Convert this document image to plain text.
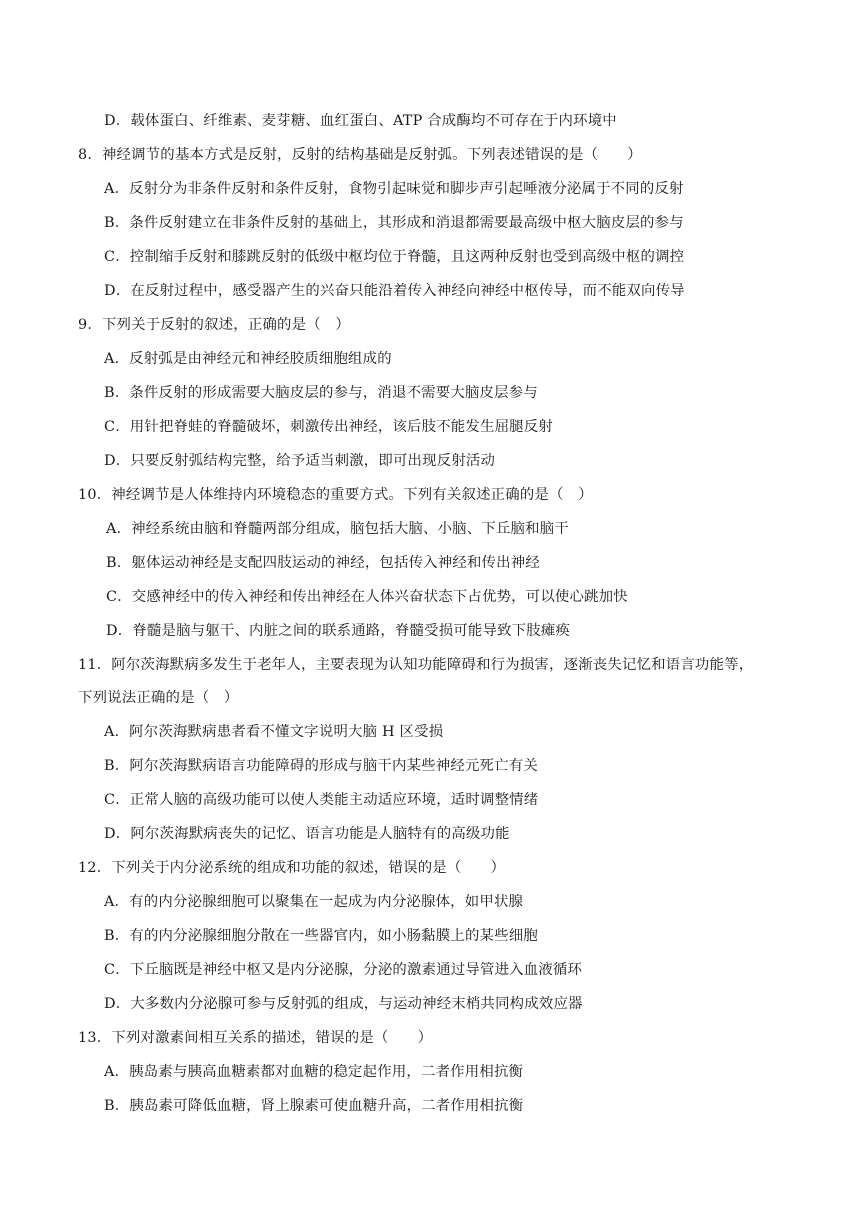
D．载体蛋白、纤维素、麦芽糖、血红蛋白、ATP 合成酶均不可存在于内环境中
8．神经调节的基本方式是反射，反射的结构基础是反射弧。下列表述错误的是（　　）
A．反射分为非条件反射和条件反射，食物引起味觉和脚步声引起唾液分泌属于不同的反射
B．条件反射建立在非条件反射的基础上，其形成和消退都需要最高级中枢大脑皮层的参与
C．控制缩手反射和膝跳反射的低级中枢均位于脊髓，且这两种反射也受到高级中枢的调控
D．在反射过程中，感受器产生的兴奋只能沿着传入神经向神经中枢传导，而不能双向传导
9．下列关于反射的叙述，正确的是（　）
A．反射弧是由神经元和神经胶质细胞组成的
B．条件反射的形成需要大脑皮层的参与，消退不需要大脑皮层参与
C．用针把脊蛙的脊髓破坏，刺激传出神经，该后肢不能发生屈腿反射
D．只要反射弧结构完整，给予适当刺激，即可出现反射活动
10．神经调节是人体维持内环境稳态的重要方式。下列有关叙述正确的是（　）
A．神经系统由脑和脊髓两部分组成，脑包括大脑、小脑、下丘脑和脑干
B．躯体运动神经是支配四肢运动的神经，包括传入神经和传出神经
C．交感神经中的传入神经和传出神经在人体兴奋状态下占优势，可以使心跳加快
D．脊髓是脑与躯干、内脏之间的联系通路，脊髓受损可能导致下肢瘫痪
11．阿尔茨海默病多发生于老年人，主要表现为认知功能障碍和行为损害，逐渐丧失记忆和语言功能等，
下列说法正确的是（　）
A．阿尔茨海默病患者看不懂文字说明大脑 H 区受损
B．阿尔茨海默病语言功能障碍的形成与脑干内某些神经元死亡有关
C．正常人脑的高级功能可以使人类能主动适应环境，适时调整情绪
D．阿尔茨海默病丧失的记忆、语言功能是人脑特有的高级功能
12．下列关于内分泌系统的组成和功能的叙述，错误的是（　　）
A．有的内分泌腺细胞可以聚集在一起成为内分泌腺体，如甲状腺
B．有的内分泌腺细胞分散在一些器官内，如小肠黏膜上的某些细胞
C．下丘脑既是神经中枢又是内分泌腺，分泌的激素通过导管进入血液循环
D．大多数内分泌腺可参与反射弧的组成，与运动神经末梢共同构成效应器
13．下列对激素间相互关系的描述，错误的是（　　）
A．胰岛素与胰高血糖素都对血糖的稳定起作用，二者作用相抗衡
B．胰岛素可降低血糖，肾上腺素可使血糖升高，二者作用相抗衡
